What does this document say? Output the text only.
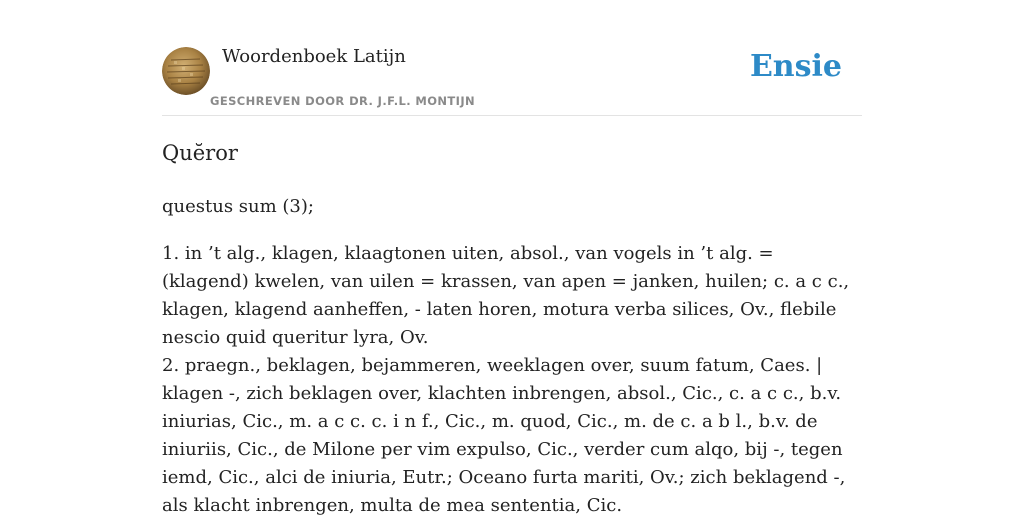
Woordenboek Latijn
GESCHREVEN DOOR DR. J.F.L. MONTIJN
Ensie
Quĕror

questus sum (3);

1. in ’t alg., klagen, klaagtonen uiten, absol., van vogels in ’t alg. = (klagend) kwelen, van uilen = krassen, van apen = janken, huilen; c. a c c., klagen, klagend aanheffen, - laten horen, motura verba silices, Ov., flebile nescio quid queritur lyra, Ov.

2. praegn., beklagen, bejammeren, weeklagen over, suum fatum, Caes. | klagen -, zich beklagen over, klachten inbrengen, absol., Cic., c. a c c., b.v. iniurias, Cic., m. a c c. c. i n f., Cic., m. quod, Cic., m. de c. a b l., b.v. de iniuriis, Cic., de Milone per vim expulso, Cic., verder cum alqo, bij -, tegen iemd, Cic., alci de iniuria, Eutr.; Oceano furta mariti, Ov.; zich beklagend -, als klacht inbrengen, multa de mea sententia, Cic.
